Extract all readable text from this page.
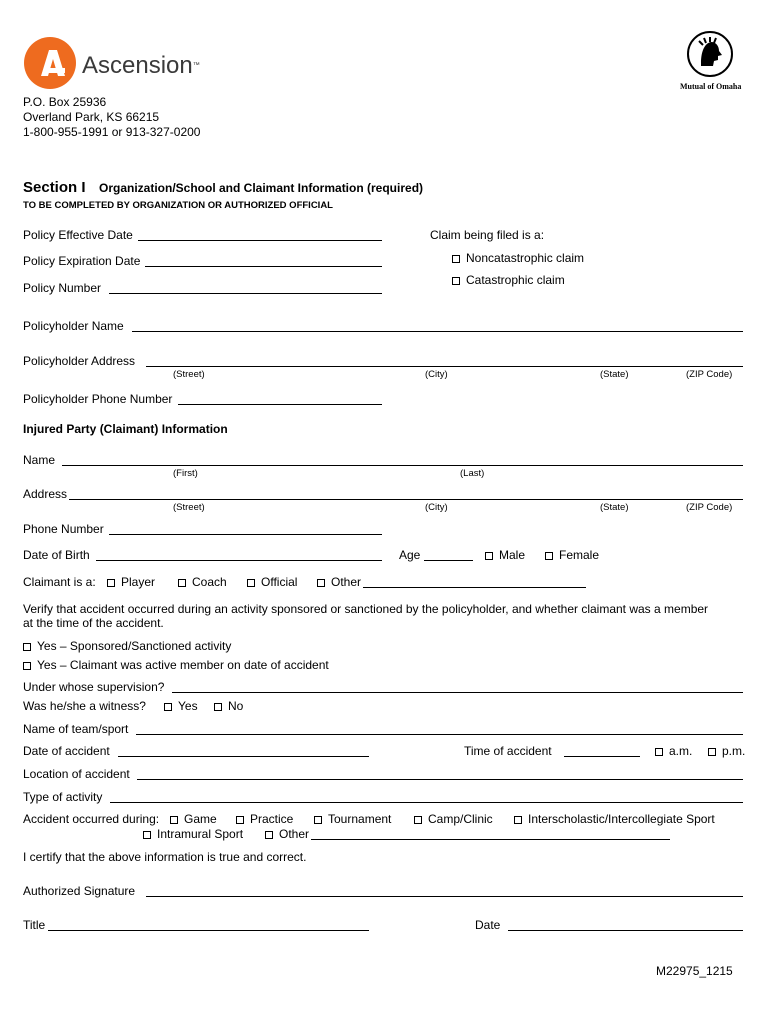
Ascension™
Mutual of Omaha
P.O. Box 25936
Overland Park, KS 66215
1-800-955-1991 or 913-327-0200
Section I Organization/School and Claimant Information (required)
TO BE COMPLETED BY ORGANIZATION OR AUTHORIZED OFFICIAL
Policy Effective Date
Policy Expiration Date
Policy Number
Claim being filed is a:
Noncatastrophic claim
Catastrophic claim
Policyholder Name
Policyholder Address
(Street)	(City)	(State)	(ZIP Code)
Policyholder Phone Number
Injured Party (Claimant) Information
Name
(First)	(Last)
Address
(Street)	(City)	(State)	(ZIP Code)
Phone Number
Date of Birth	Age	Male	Female
Claimant is a:	Player	Coach	Official	Other
Verify that accident occurred during an activity sponsored or sanctioned by the policyholder, and whether claimant was a member
at the time of the accident.
Yes – Sponsored/Sanctioned activity
Yes – Claimant was active member on date of accident
Under whose supervision?
Was he/she a witness?	Yes	No
Name of team/sport
Date of accident	Time of accident	a.m.	p.m.
Location of accident
Type of activity
Accident occurred during:	Game	Practice	Tournament	Camp/Clinic	Interscholastic/Intercollegiate Sport
Intramural Sport	Other
I certify that the above information is true and correct.
Authorized Signature
Title	Date
M22975_1215
